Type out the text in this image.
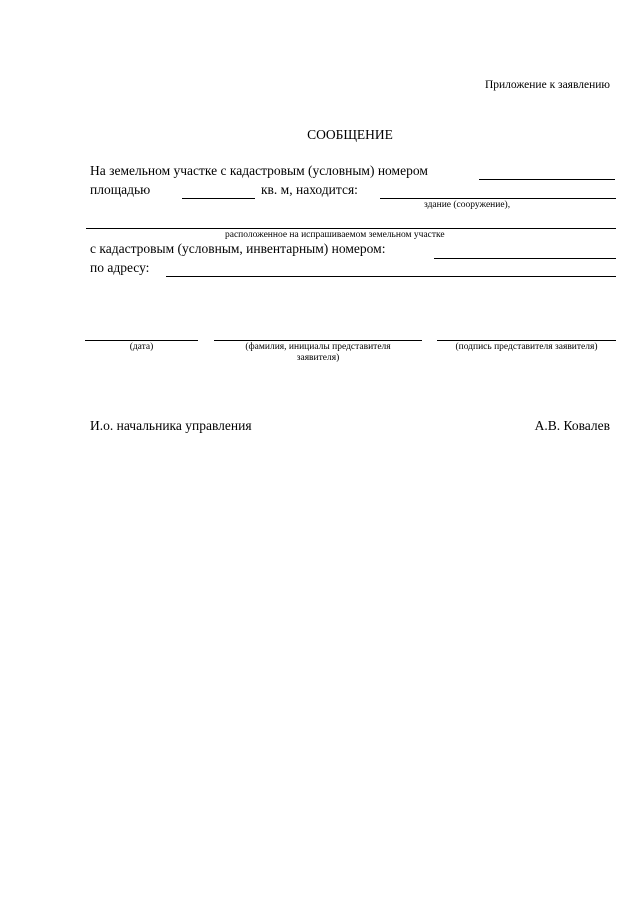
Приложение к заявлению
СООБЩЕНИЕ
На земельном участке с кадастровым (условным) номером
площадью	кв. м, находится:
здание (сооружение),
расположенное на испрашиваемом земельном участке
с кадастровым (условным, инвентарным) номером:
по адресу:
(дата)	(фамилия, инициалы представителя
заявителя)
(подпись представителя заявителя)
И.о. начальника управления	А.В. Ковалев
